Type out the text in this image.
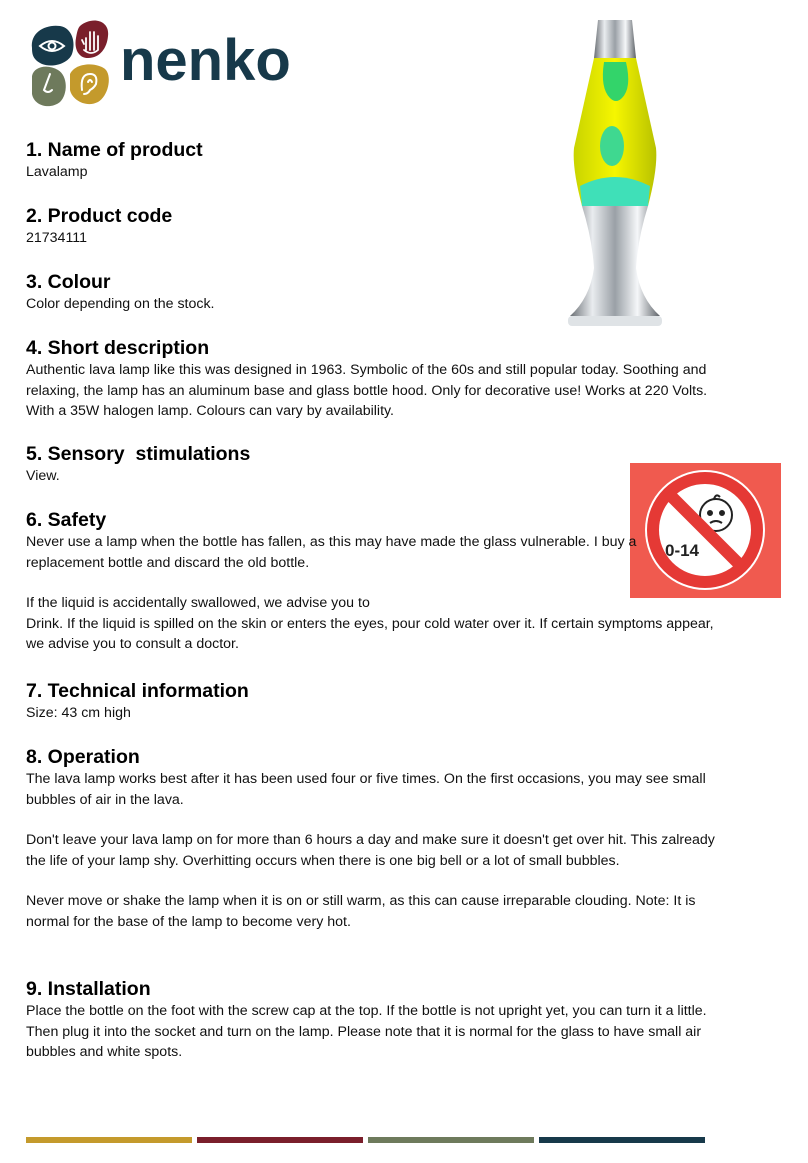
nenko
0-14
1. Name of product

Lavalamp

2. Product code

21734111

3. Colour

Color depending on the stock.

4. Short description

Authentic lava lamp like this was designed in 1963. Symbolic of the 60s and still popular today. Soothing and relaxing, the lamp has an aluminum base and glass bottle hood. Only for decorative use! Works at 220 Volts. With a 35W halogen lamp. Colours can vary by availability.

5. Sensory  stimulations

View.

6. Safety

Never use a lamp when the bottle has fallen, as this may have made the glass vulnerable. I buy a replacement bottle and discard the old bottle.

If the liquid is accidentally swallowed, we advise you to
Drink. If the liquid is spilled on the skin or enters the eyes, pour cold water over it. If certain symptoms appear, we advise you to consult a doctor.

7. Technical information

Size: 43 cm high

8. Operation

The lava lamp works best after it has been used four or five times. On the first occasions, you may see small bubbles of air in the lava.

Don't leave your lava lamp on for more than 6 hours a day and make sure it doesn't get over hit. This zalready the life of your lamp shy. Overhitting occurs when there is one big bell or a lot of small bubbles.

Never move or shake the lamp when it is on or still warm, as this can cause irreparable clouding. Note: It is normal for the base of the lamp to become very hot.

9. Installation

Place the bottle on the foot with the screw cap at the top. If the bottle is not upright yet, you can turn it a little. Then plug it into the socket and turn on the lamp. Please note that it is normal for the glass to have small air bubbles and white spots.
